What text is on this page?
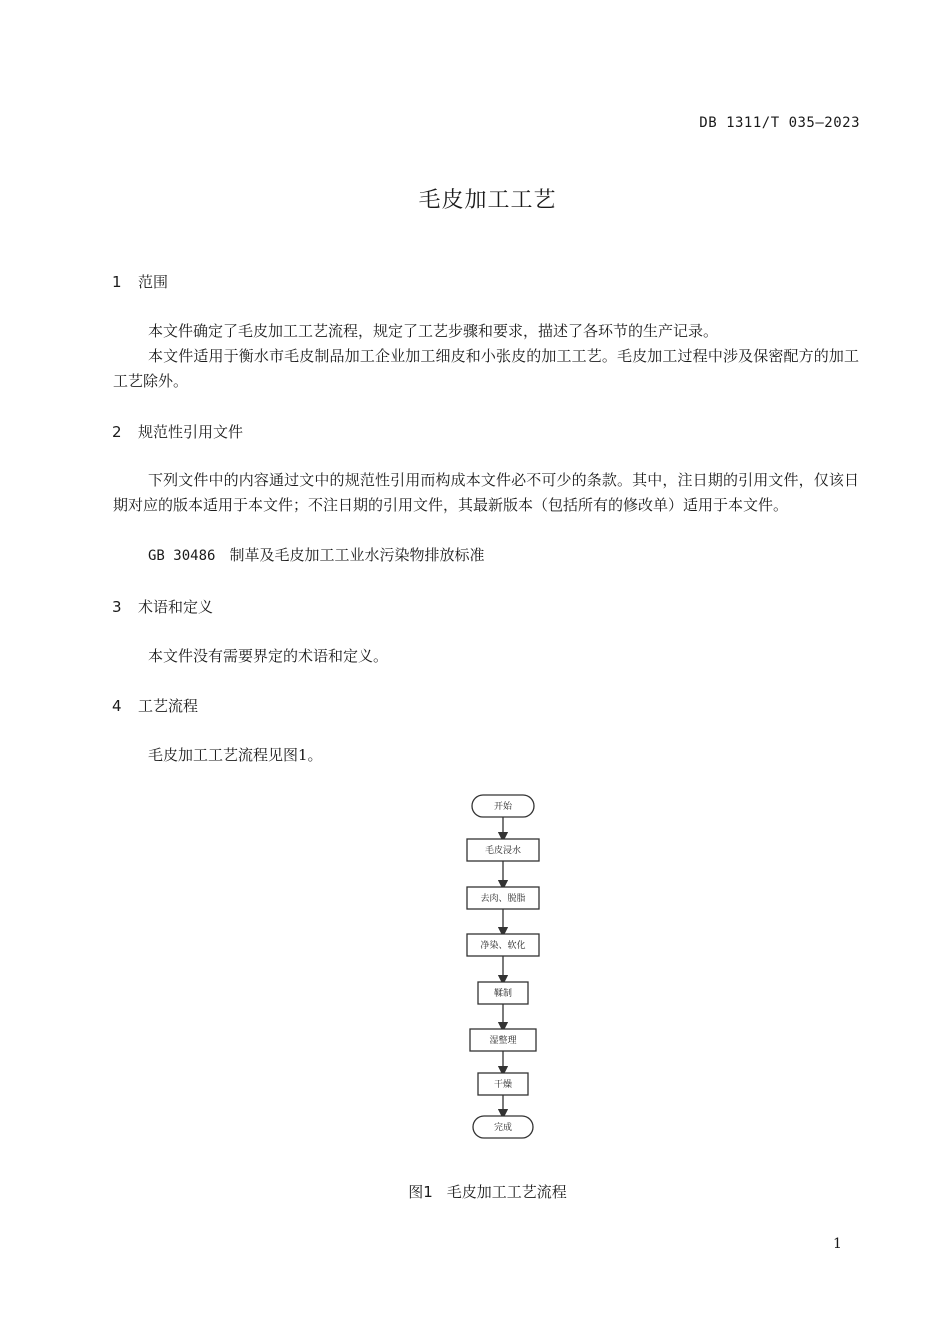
DB 1311/T 035—2023
毛皮加工工艺
1 范围
本文件确定了毛皮加工工艺流程，规定了工艺步骤和要求，描述了各环节的生产记录。
本文件适用于衡水市毛皮制品加工企业加工细皮和小张皮的加工工艺。毛皮加工过程中涉及保密配方的加工工艺除外。
2 规范性引用文件
下列文件中的内容通过文中的规范性引用而构成本文件必不可少的条款。其中，注日期的引用文件，仅该日期对应的版本适用于本文件；不注日期的引用文件，其最新版本（包括所有的修改单）适用于本文件。
GB 30486 制革及毛皮加工工业水污染物排放标准
3 术语和定义
本文件没有需要界定的术语和定义。
4 工艺流程
毛皮加工工艺流程见图1。
开始
毛皮浸水
去肉、脱脂
净染、软化
鞣制
湿整理
干燥
完成
图1 毛皮加工工艺流程
1
